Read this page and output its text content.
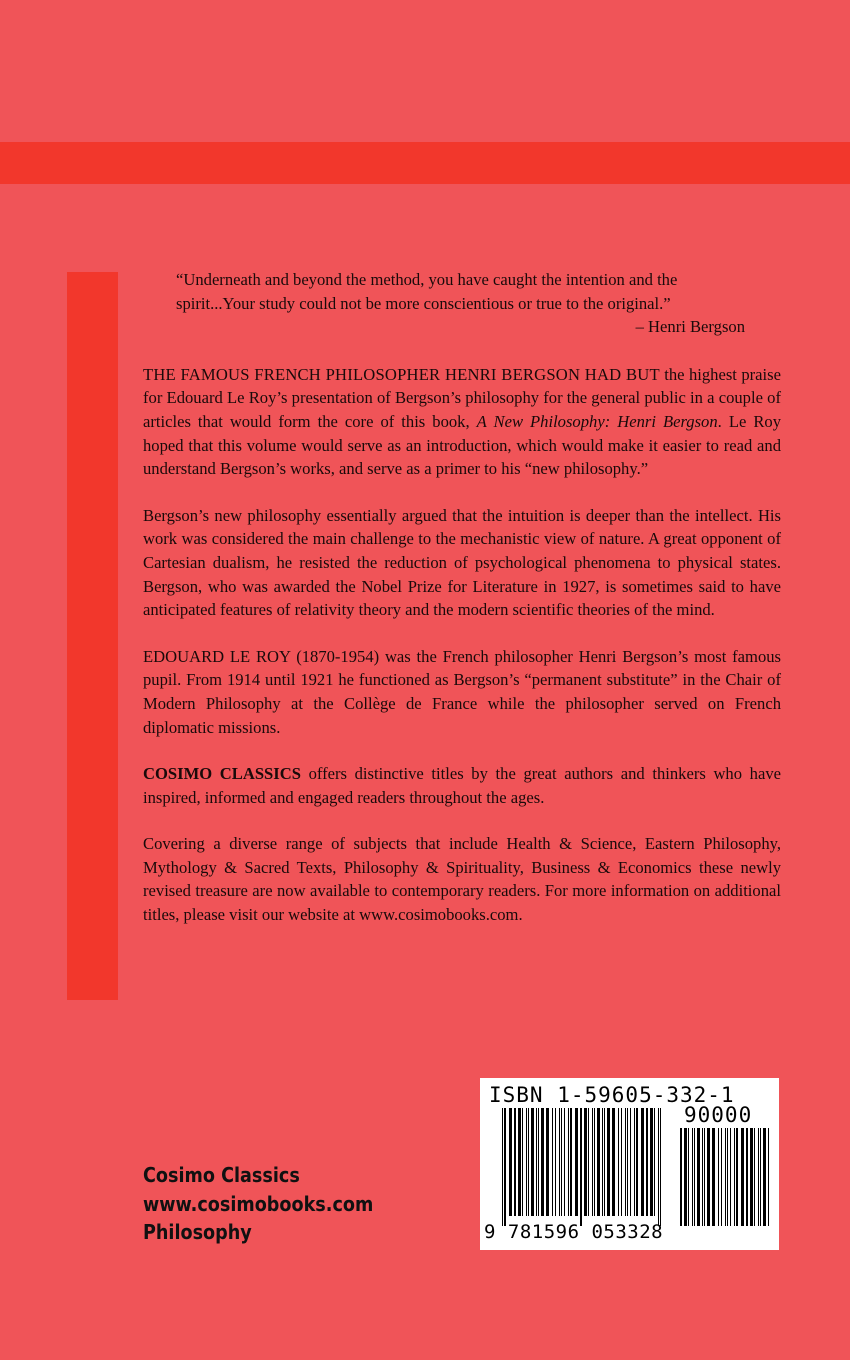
“Underneath and beyond the method, you have caught the intention and the
spirit...Your study could not be more conscientious or true to the original.”
– Henri Bergson

THE FAMOUS FRENCH PHILOSOPHER HENRI BERGSON HAD BUT the highest praise for Edouard Le Roy’s presentation of Bergson’s philosophy for the general public in a couple of articles that would form the core of this book, A New Philosophy: Henri Bergson. Le Roy hoped that this volume would serve as an introduction, which would make it easier to read and understand Bergson’s works, and serve as a primer to his “new philosophy.”

Bergson’s new philosophy essentially argued that the intuition is deeper than the intellect. His work was considered the main challenge to the mechanistic view of nature. A great opponent of Cartesian dualism, he resisted the reduction of psychological phenomena to physical states. Bergson, who was awarded the Nobel Prize for Literature in 1927, is sometimes said to have anticipated features of relativity theory and the modern scientific theories of the mind.

EDOUARD LE ROY (1870-1954) was the French philosopher Henri Bergson’s most famous pupil. From 1914 until 1921 he functioned as Bergson’s “permanent substitute” in the Chair of Modern Philosophy at the Collège de France while the philosopher served on French diplomatic missions.

COSIMO CLASSICS offers distinctive titles by the great authors and thinkers who have inspired, informed and engaged readers throughout the ages.

Covering a diverse range of subjects that include Health & Science, Eastern Philosophy, Mythology & Sacred Texts, Philosophy & Spirituality, Business & Economics these newly revised treasure are now available to contemporary readers. For more information on additional titles, please visit our website at www.cosimobooks.com.

Cosimo Classics
www.cosimobooks.com
Philosophy
ISBN 1-59605-332-1
90000
9 781596 053328
